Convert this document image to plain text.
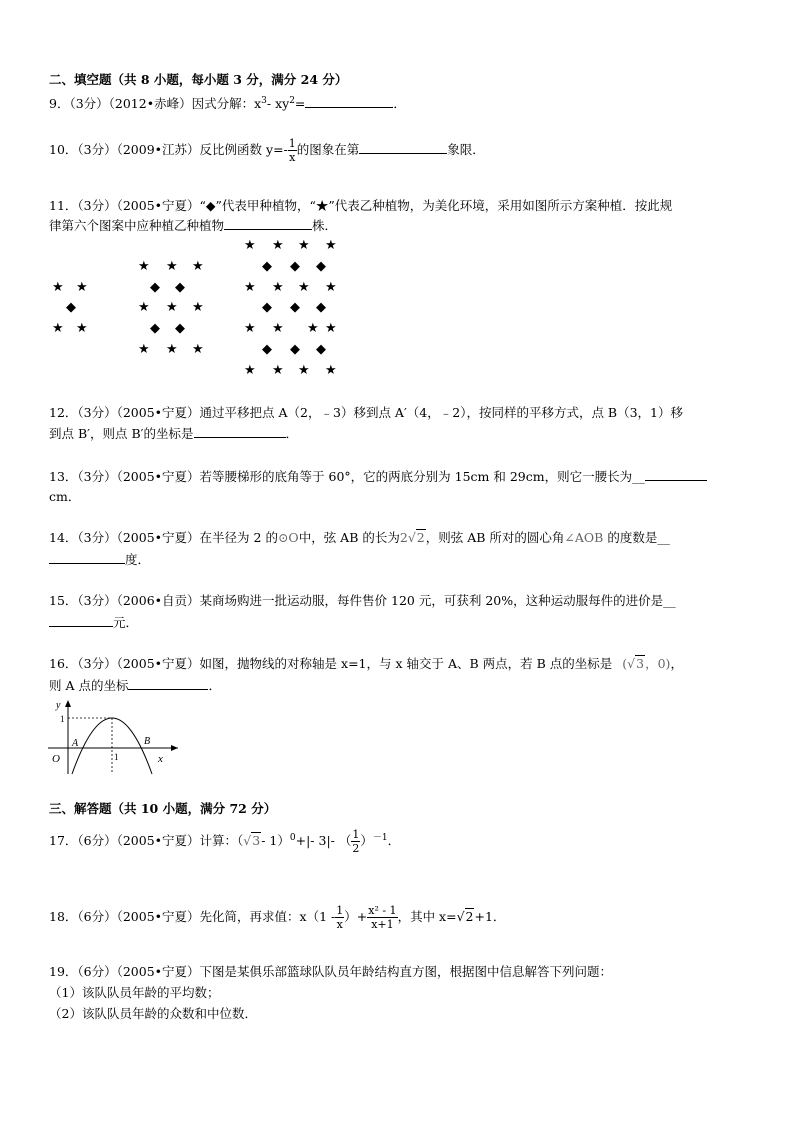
二、填空题（共 8 小题，每小题 3 分，满分 24 分）
9．（3分）（2012•赤峰）因式分解：$x^3-$ $xy^2=$	．
10．（3分）（2009•江苏）反比例函数 $y=- \frac{1}{x}$ 的图象在第	象限．
11．（3分）（2005•宁夏）“◆”代表甲种植物，“★”代表乙种植物，为美化环境，采用如图所示方案种植．按此规
律第六个图案中应种植乙种植物	株．
★ ★
◆
★ ★
★ ★ ★
◆ ◆
★ ★ ★
◆ ◆
★ ★ ★
★ ★ ★ ★
◆ ◆ ◆
★ ★ ★ ★
◆ ◆ ◆
★ ★ ★ ★
◆ ◆ ◆
★ ★ ★ ★
12．（3分）（2005•宁夏）通过平移把点 A（2，﹣3）移到点 A′（4，﹣2），按同样的平移方式，点 B（3，1）移
到点 B′，则点 B′的坐标是	．
13．（3分）（2005•宁夏）若等腰梯形的底角等于 60°，它的两底分别为 15cm 和 29cm，则它一腰长为__
cm．
14．（3分）（2005•宁夏）在半径为 2 的⊙O中，弦 AB 的长为2√2，则弦 AB 所对的圆心角∠AOB 的度数是__
度．
15．（3分）（2006•自贡）某商场购进一批运动服，每件售价 120 元，可获利 20%，这种运动服每件的进价是__
元．
16．（3分）（2005•宁夏）如图，抛物线的对称轴是 x=1，与 x 轴交于 A、B 两点，若 B 点的坐标是 (√3，0)，
则 A 点的坐标	．
y
1
O
A	B
1	x
三、解答题（共 10 小题，满分 72 分）
17．（6分）（2005•宁夏）计算：（√3- 1）$^0$+|- 3|- （ $\frac{1}{2} )^{-1}$．
18．（6分）（2005•宁夏）先化简，再求值：$x(1 - \frac{1}{x}$ ）+ $\frac{\text{x² - 1}}{x+1}$ ，其中 x=√2+1．
19．（6分）（2005•宁夏）下图是某俱乐部篮球队队员年龄结构直方图，根据图中信息解答下列问题：
（1）该队队员年龄的平均数；
（2）该队队员年龄的众数和中位数．
